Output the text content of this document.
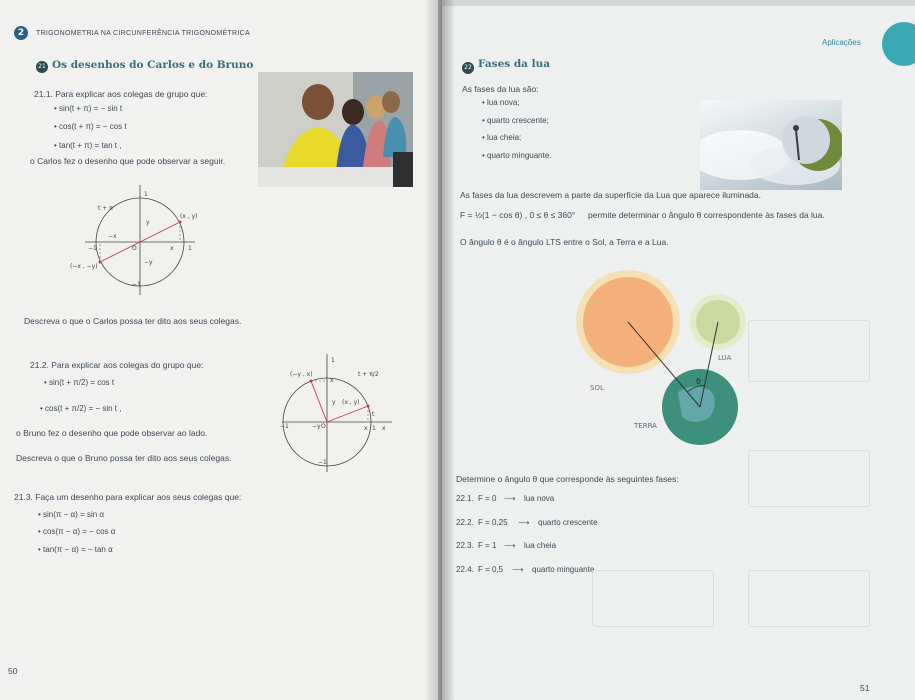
2	TRIGONOMETRIA NA CIRCUNFERÊNCIA TRIGONOMÉTRICA
21 Os desenhos do Carlos e do Bruno
21.1. Para explicar aos colegas de grupo que:
• sin(t + π) = − sin t
• cos(t + π) = − cos t
• tan(t + π) = tan t ,
o Carlos fez o desenho que pode observar a seguir.
t + π
y
(x , y)
−x
O	x
−1	1
(−x , −y)
−y
−1
1
Descreva o que o Carlos possa ter dito aos seus colegas.
21.2. Para explicar aos colegas do grupo que:
• sin(t + π/2) = cos t
• cos(t + π/2) = − sin t ,
o Bruno fez o desenho que pode observar ao lado.
Descreva o que o Bruno possa ter dito aos seus colegas.
(−y , x)
x
t + π/2
y (x , y)
t
−1	−y O	x 1 x
−1
1
21.3. Faça um desenho para explicar aos seus colegas que:
• sin(π − α) = sin α
• cos(π − α) = − cos α
• tan(π − α) = − tan α
50
Aplicações
22 Fases da lua
As fases da lua são:
• lua nova;
• quarto crescente;
• lua cheia;
• quarto minguante.
As fases da lua descrevem a parte da superfície da Lua que aparece iluminada.
F = ½(1 − cos θ) , 0 ≤ θ ≤ 360° permite determinar o ângulo θ correspondente às fases da lua.
O ângulo θ é o ângulo LTS entre o Sol, a Terra e a Lua.
θ
SOL
LUA
TERRA
Determine o ângulo θ que corresponde às seguintes fases:
22.1. F = 0 ⟶ lua nova
22.2. F = 0,25 ⟶ quarto crescente
22.3. F = 1 ⟶ lua cheia
22.4. F = 0,5 ⟶ quarto minguante
51
